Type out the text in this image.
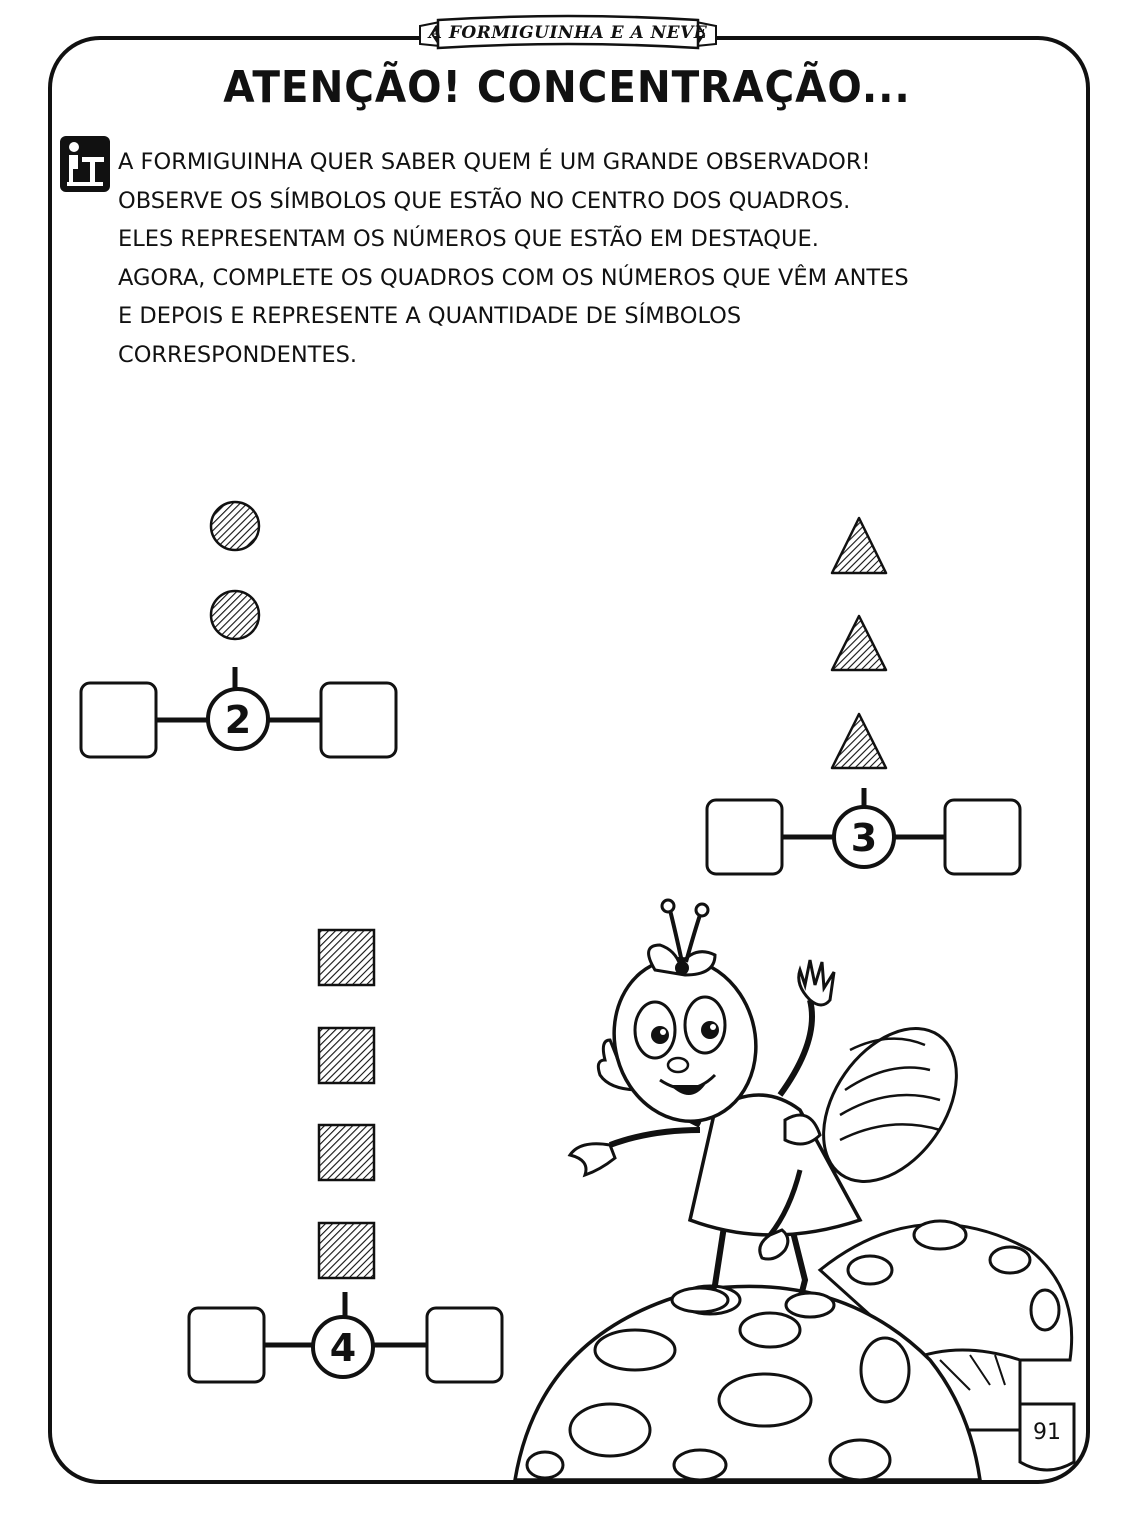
A FORMIGUINHA E A NEVE
ATENÇÃO! CONCENTRAÇÃO...
A FORMIGUINHA QUER SABER QUEM É UM GRANDE OBSERVADOR!
OBSERVE OS SÍMBOLOS QUE ESTÃO NO CENTRO DOS QUADROS.
ELES REPRESENTAM OS NÚMEROS QUE ESTÃO EM DESTAQUE.
AGORA, COMPLETE OS QUADROS COM OS NÚMEROS QUE VÊM ANTES
E DEPOIS E REPRESENTE A QUANTIDADE DE SÍMBOLOS
CORRESPONDENTES.
2
3
4
91
